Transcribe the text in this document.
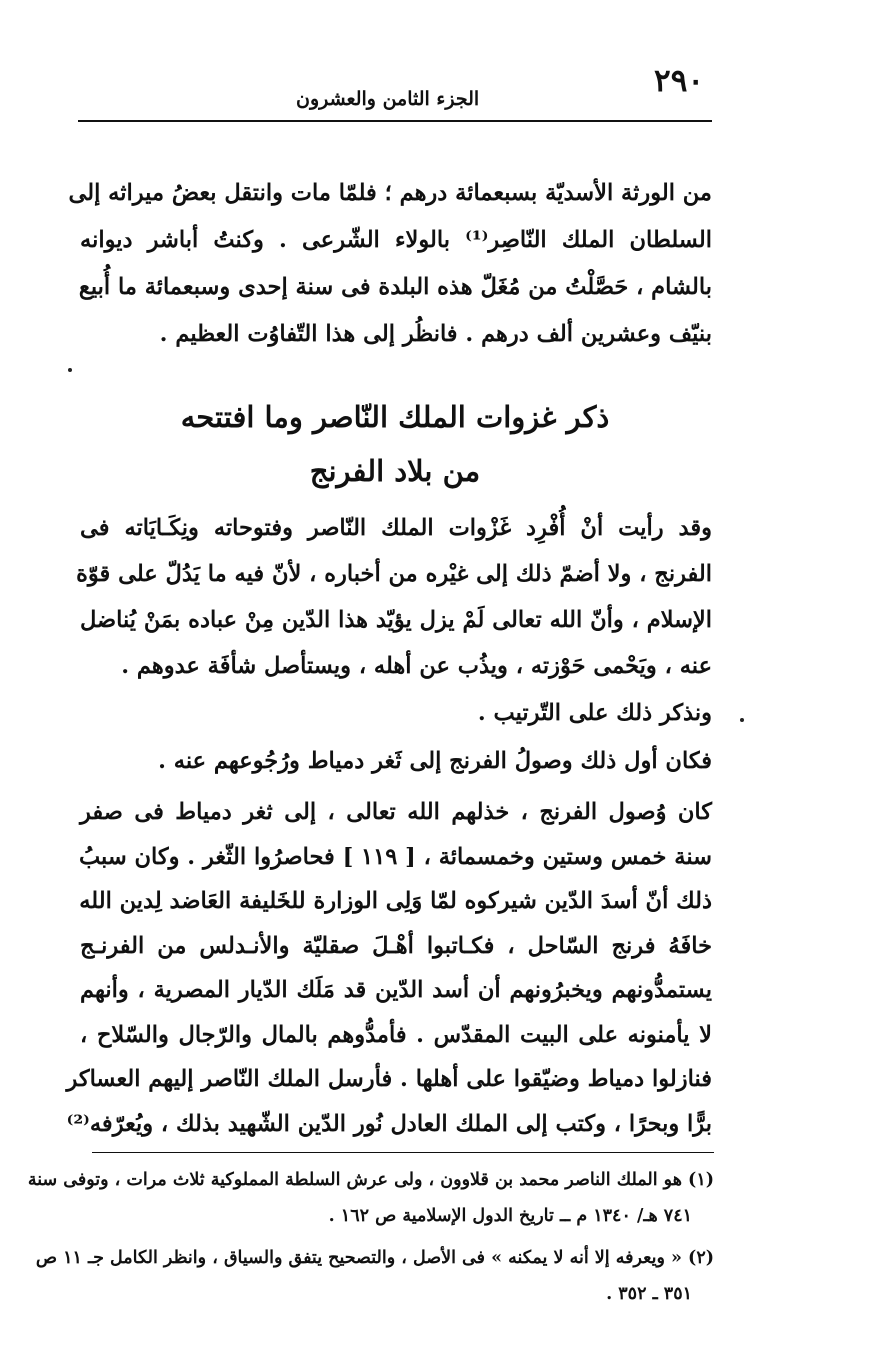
٢٩٠
الجزء الثامن والعشرون
من الورثة الأسديّة بسبعمائة درهم ؛ فلمّا مات وانتقل بعضُ ميراثه إلى
السلطان الملك النّاصِر⁽¹⁾ بالولاء الشّرعى . وكنتُ أباشر ديوانه
بالشام ، حَصَّلْتُ من مُغَلّ هذه البلدة فى سنة إحدى وسبعمائة ما أُبيع
بنيّف وعشرين ألف درهم . فانظُر إلى هذا التّفاوُت العظيم .
ذكر غزوات الملك النّاصر وما افتتحه
من بلاد الفرنج
وقد رأيت أنْ أُفْرِد غَزْوات الملك النّاصر وفتوحاته ونِكَـايَاته فى
الفرنج ، ولا أضمّ ذلك إلى غيْره من أخباره ، لأنّ فيه ما يَدُلّ على قوّة
الإسلام ، وأنّ الله تعالى لَمْ يزل يؤيّد هذا الدّين مِنْ عباده بمَنْ يُناضل
عنه ، ويَحْمى حَوْزته ، ويذُب عن أهله ، ويستأصل شأفَة عدوهم .
ونذكر ذلك على التّرتيب .
فكان أول ذلك وصولُ الفرنج إلى ثَغر دمياط ورُجُوعهم عنه .
كان وُصول الفرنج ، خذلهم الله تعالى ، إلى ثغر دمياط فى صفر
سنة خمس وستين وخمسمائة ، [ ١١٩ ] فحاصرُوا الثّغر . وكان سببُ
ذلك أنّ أسدَ الدّين شيركوه لمّا وَلِى الوزارة للخَليفة العَاضد لِدين الله
خافَهُ فرنج السّاحل ، فكـاتبوا أهْـلَ صقليّة والأنـدلس من الفرنـج
يستمدُّونهم ويخبرُونهم أن أسد الدّين قد مَلَك الدّيار المصرية ، وأنهم
لا يأمنونه على البيت المقدّس . فأمدُّوهم بالمال والرّجال والسّلاح ،
فنازلوا دمياط وضيّقوا على أهلها . فأرسل الملك النّاصر إليهم العساكر
برًّا وبحرًا ، وكتب إلى الملك العادل نُور الدّين الشّهيد بذلك ، ويُعرّفه⁽²⁾
(١) هو الملك الناصر محمد بن قلاوون ، ولى عرش السلطة المملوكية ثلاث مرات ، وتوفى سنة
٧٤١ هـ/ ١٣٤٠ م ــ تاريخ الدول الإسلامية ص ١٦٢ .
(٢) « ويعرفه إلا أنه لا يمكنه » فى الأصل ، والتصحيح يتفق والسياق ، وانظر الكامل جـ ١١ ص
٣٥١ ـ ٣٥٢ .
